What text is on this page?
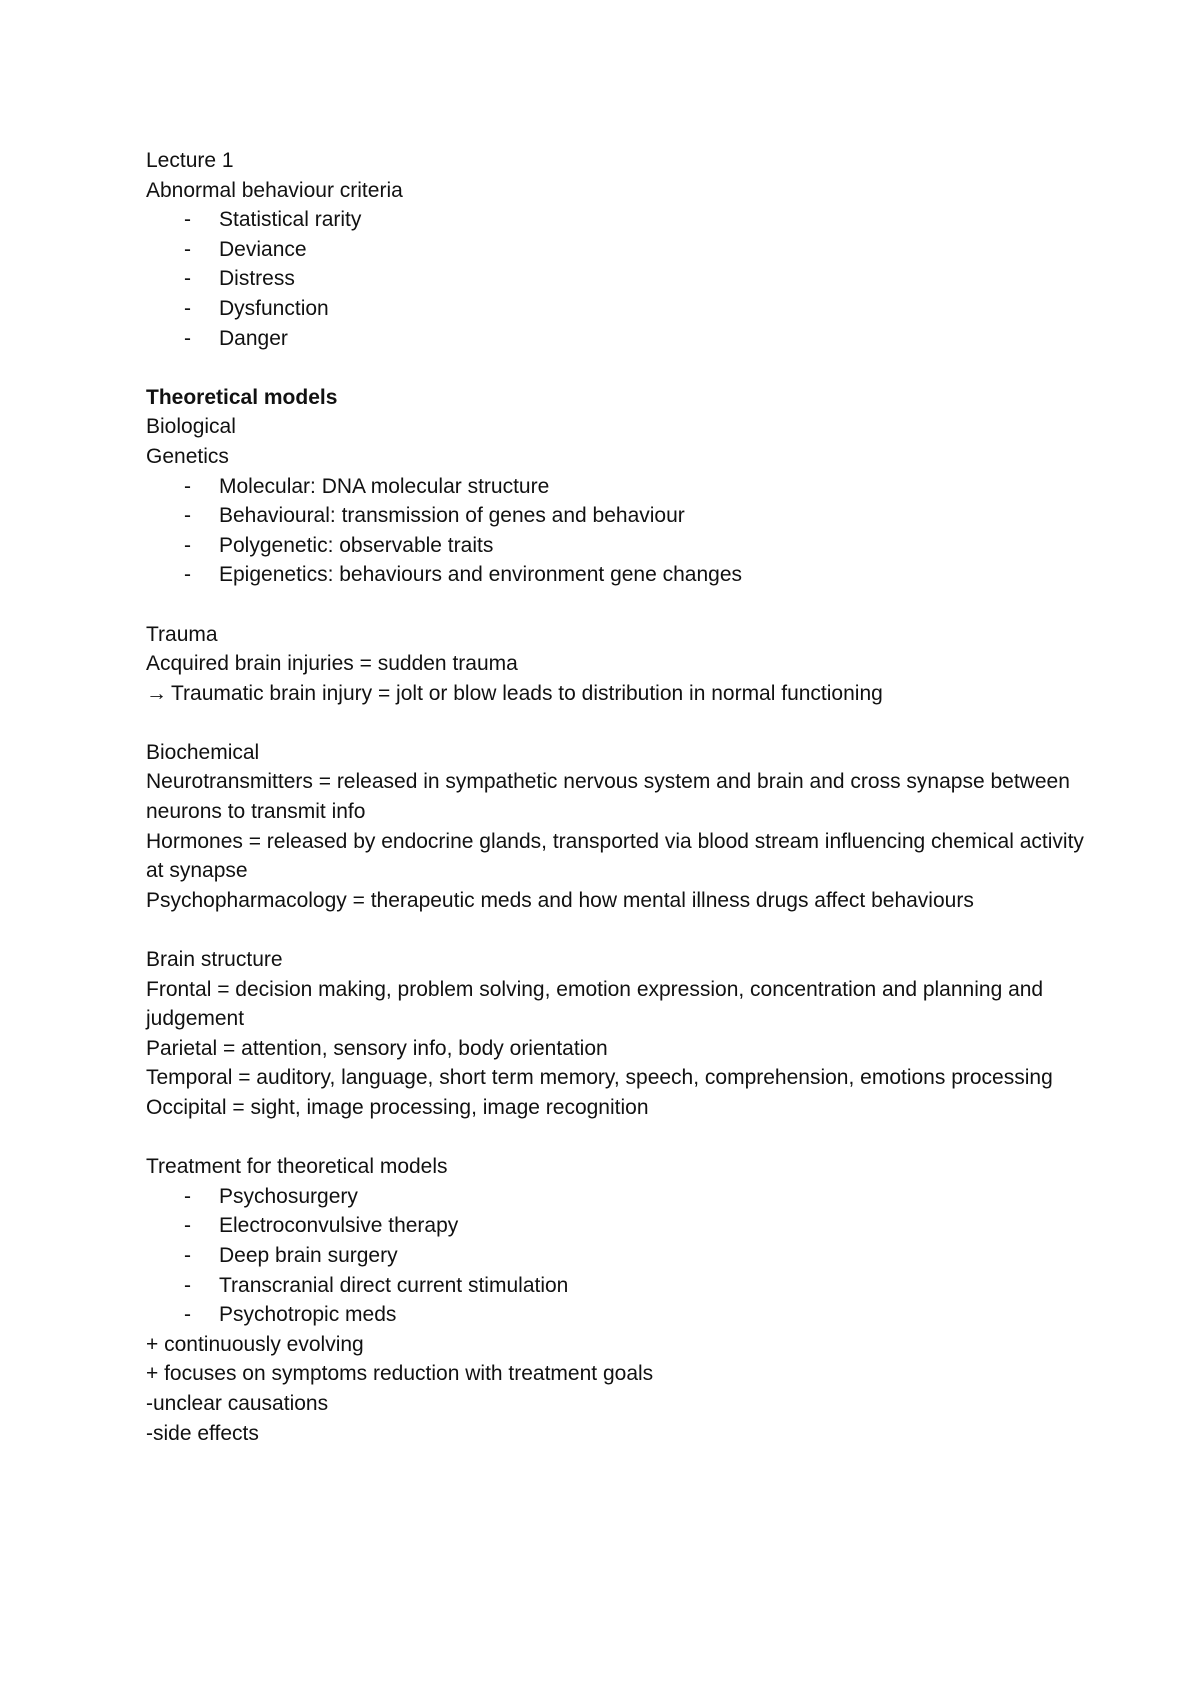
Lecture 1

Abnormal behaviour criteria

- Statistical rarity
- Deviance
- Distress
- Dysfunction
- Danger

Theoretical models

Biological

Genetics

- Molecular: DNA molecular structure
- Behavioural: transmission of genes and behaviour
- Polygenetic: observable traits
- Epigenetics: behaviours and environment gene changes

Trauma

Acquired brain injuries = sudden trauma

→ Traumatic brain injury = jolt or blow leads to distribution in normal functioning

Biochemical

Neurotransmitters = released in sympathetic nervous system and brain and cross synapse between neurons to transmit info

Hormones = released by endocrine glands, transported via blood stream influencing chemical activity at synapse

Psychopharmacology = therapeutic meds and how mental illness drugs affect behaviours

Brain structure

Frontal = decision making, problem solving, emotion expression, concentration and planning and judgement

Parietal = attention, sensory info, body orientation

Temporal = auditory, language, short term memory, speech, comprehension, emotions processing

Occipital = sight, image processing, image recognition

Treatment for theoretical models

- Psychosurgery
- Electroconvulsive therapy
- Deep brain surgery
- Transcranial direct current stimulation
- Psychotropic meds

+ continuously evolving

+ focuses on symptoms reduction with treatment goals

-unclear causations

-side effects
